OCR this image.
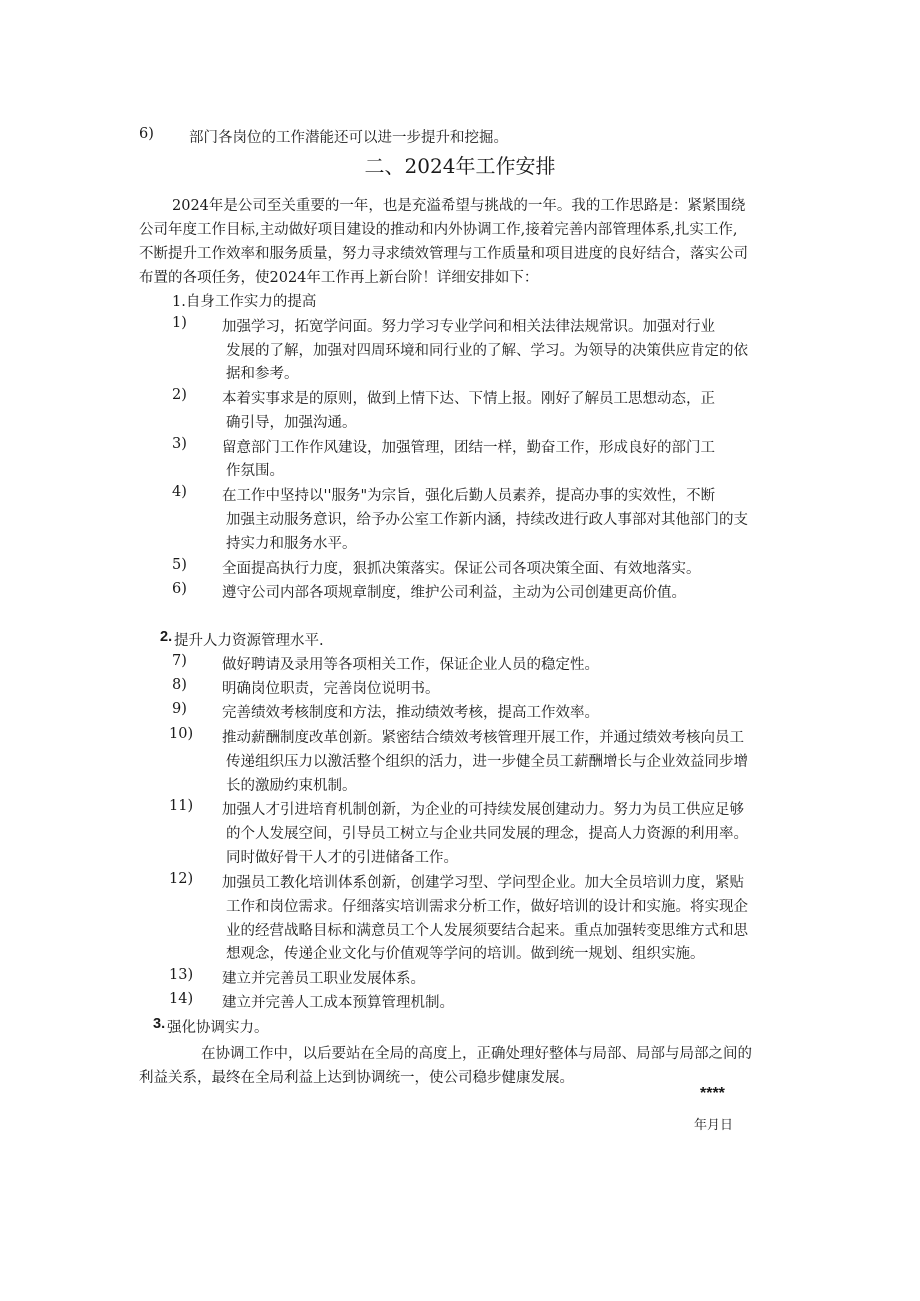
6) 部门各岗位的工作潜能还可以进一步提升和挖掘。
二、2024年工作安排
2024年是公司至关重要的一年，也是充溢希望与挑战的一年。我的工作思路是：紧紧围绕
公司年度工作目标,主动做好项目建设的推动和内外协调工作,接着完善内部管理体系,扎实工作,
不断提升工作效率和服务质量，努力寻求绩效管理与工作质量和项目进度的良好结合，落实公司
布置的各项任务，使2024年工作再上新台阶！详细安排如下：
1.自身工作实力的提高
1) 加强学习，拓宽学问面。努力学习专业学问和相关法律法规常识。加强对行业
发展的了解，加强对四周环境和同行业的了解、学习。为领导的决策供应肯定的依
据和参考。
2) 本着实事求是的原则，做到上情下达、下情上报。刚好了解员工思想动态，正
确引导，加强沟通。
3) 留意部门工作作风建设，加强管理，团结一样，勤奋工作，形成良好的部门工
作氛围。
4) 在工作中坚持以''服务"为宗旨，强化后勤人员素养，提高办事的实效性，不断
加强主动服务意识，给予办公室工作新内涵，持续改进行政人事部对其他部门的支
持实力和服务水平。
5) 全面提高执行力度，狠抓决策落实。保证公司各项决策全面、有效地落实。
6) 遵守公司内部各项规章制度，维护公司利益，主动为公司创建更高价值。
2. 提升人力资源管理水平.
7) 做好聘请及录用等各项相关工作，保证企业人员的稳定性。
8) 明确岗位职责，完善岗位说明书。
9) 完善绩效考核制度和方法，推动绩效考核，提高工作效率。
10) 推动薪酬制度改革创新。紧密结合绩效考核管理开展工作，并通过绩效考核向员工
传递组织压力以激活整个组织的活力，进一步健全员工薪酬增长与企业效益同步增
长的激励约束机制。
11) 加强人才引进培育机制创新，为企业的可持续发展创建动力。努力为员工供应足够
的个人发展空间，引导员工树立与企业共同发展的理念，提高人力资源的利用率。
同时做好骨干人才的引进储备工作。
12) 加强员工教化培训体系创新，创建学习型、学问型企业。加大全员培训力度，紧贴
工作和岗位需求。仔细落实培训需求分析工作，做好培训的设计和实施。将实现企
业的经营战略目标和满意员工个人发展须要结合起来。重点加强转变思维方式和思
想观念，传递企业文化与价值观等学问的培训。做到统一规划、组织实施。
13) 建立并完善员工职业发展体系。
14) 建立并完善人工成本预算管理机制。
3. 强化协调实力。
在协调工作中，以后要站在全局的高度上，正确处理好整体与局部、局部与局部之间的
利益关系，最终在全局利益上达到协调统一，使公司稳步健康发展。
****
年月日
